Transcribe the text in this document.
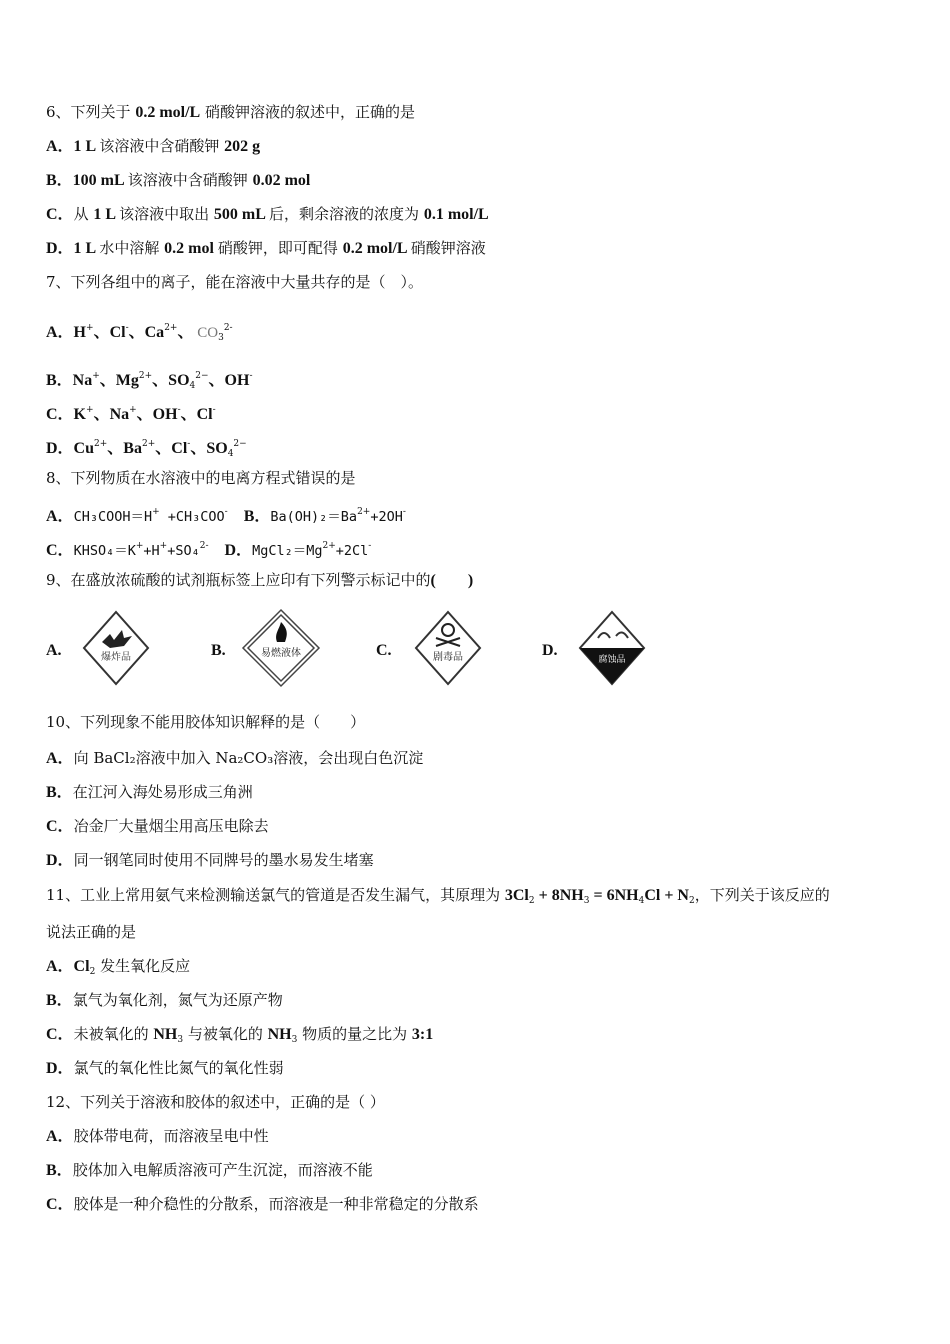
6、下列关于 0.2 mol/L 硝酸钾溶液的叙述中，正确的是
A．1 L 该溶液中含硝酸钾 202 g
B．100 mL 该溶液中含硝酸钾 0.02 mol
C．从 1 L 该溶液中取出 500 mL 后，剩余溶液的浓度为 0.1 mol/L
D．1 L 水中溶解 0.2 mol 硝酸钾，即可配得 0.2 mol/L 硝酸钾溶液
7、下列各组中的离子，能在溶液中大量共存的是（　）。
A．H+、Cl-、$Ca^{2+}$、 $CO_3^{2-}$
B．Na+、$Mg^{2+}$、$SO_4^{2-}$、OH-
C．K+、Na+、OH-、Cl-
D．$Cu^{2+}$、$Ba^{2+}$、Cl-、$SO_4^{2-}$
8、下列物质在水溶液中的电离方程式错误的是
A．CH₃COOH＝H+ +CH₃COO-　B．$Ba(OH)_2=Ba^{2+}+2OH^-$
C．KHSO₄＝K++H++SO₄$^{2-}$　D．$MgCl_2=Mg^{2+}+2Cl^-$
9、在盛放浓硫酸的试剂瓶标签上应印有下列警示标记中的(　　)
10、下列现象不能用胶体知识解释的是（　　）
A．向 BaCl₂溶液中加入 Na₂CO₃溶液，会出现白色沉淀
B．在江河入海处易形成三角洲
C．冶金厂大量烟尘用高压电除去
D．同一钢笔同时使用不同牌号的墨水易发生堵塞
11、工业上常用氨气来检测输送氯气的管道是否发生漏气，其原理为 $3Cl_2 + 8NH_3 = 6NH_4Cl + N_2$，下列关于该反应的
说法正确的是
A．$Cl_2$ 发生氧化反应
B．氯气为氧化剂，氮气为还原产物
C．未被氧化的 $NH_3$ 与被氧化的 $NH_3$ 物质的量之比为 3:1
D．氯气的氧化性比氮气的氧化性弱
12、下列关于溶液和胶体的叙述中，正确的是（ ）
A．胶体带电荷，而溶液呈电中性
B．胶体加入电解质溶液可产生沉淀，而溶液不能
C．胶体是一种介稳性的分散系，而溶液是一种非常稳定的分散系
A.	爆炸品	B.	易燃液体	C.	剧毒品	D.
腐蚀品
